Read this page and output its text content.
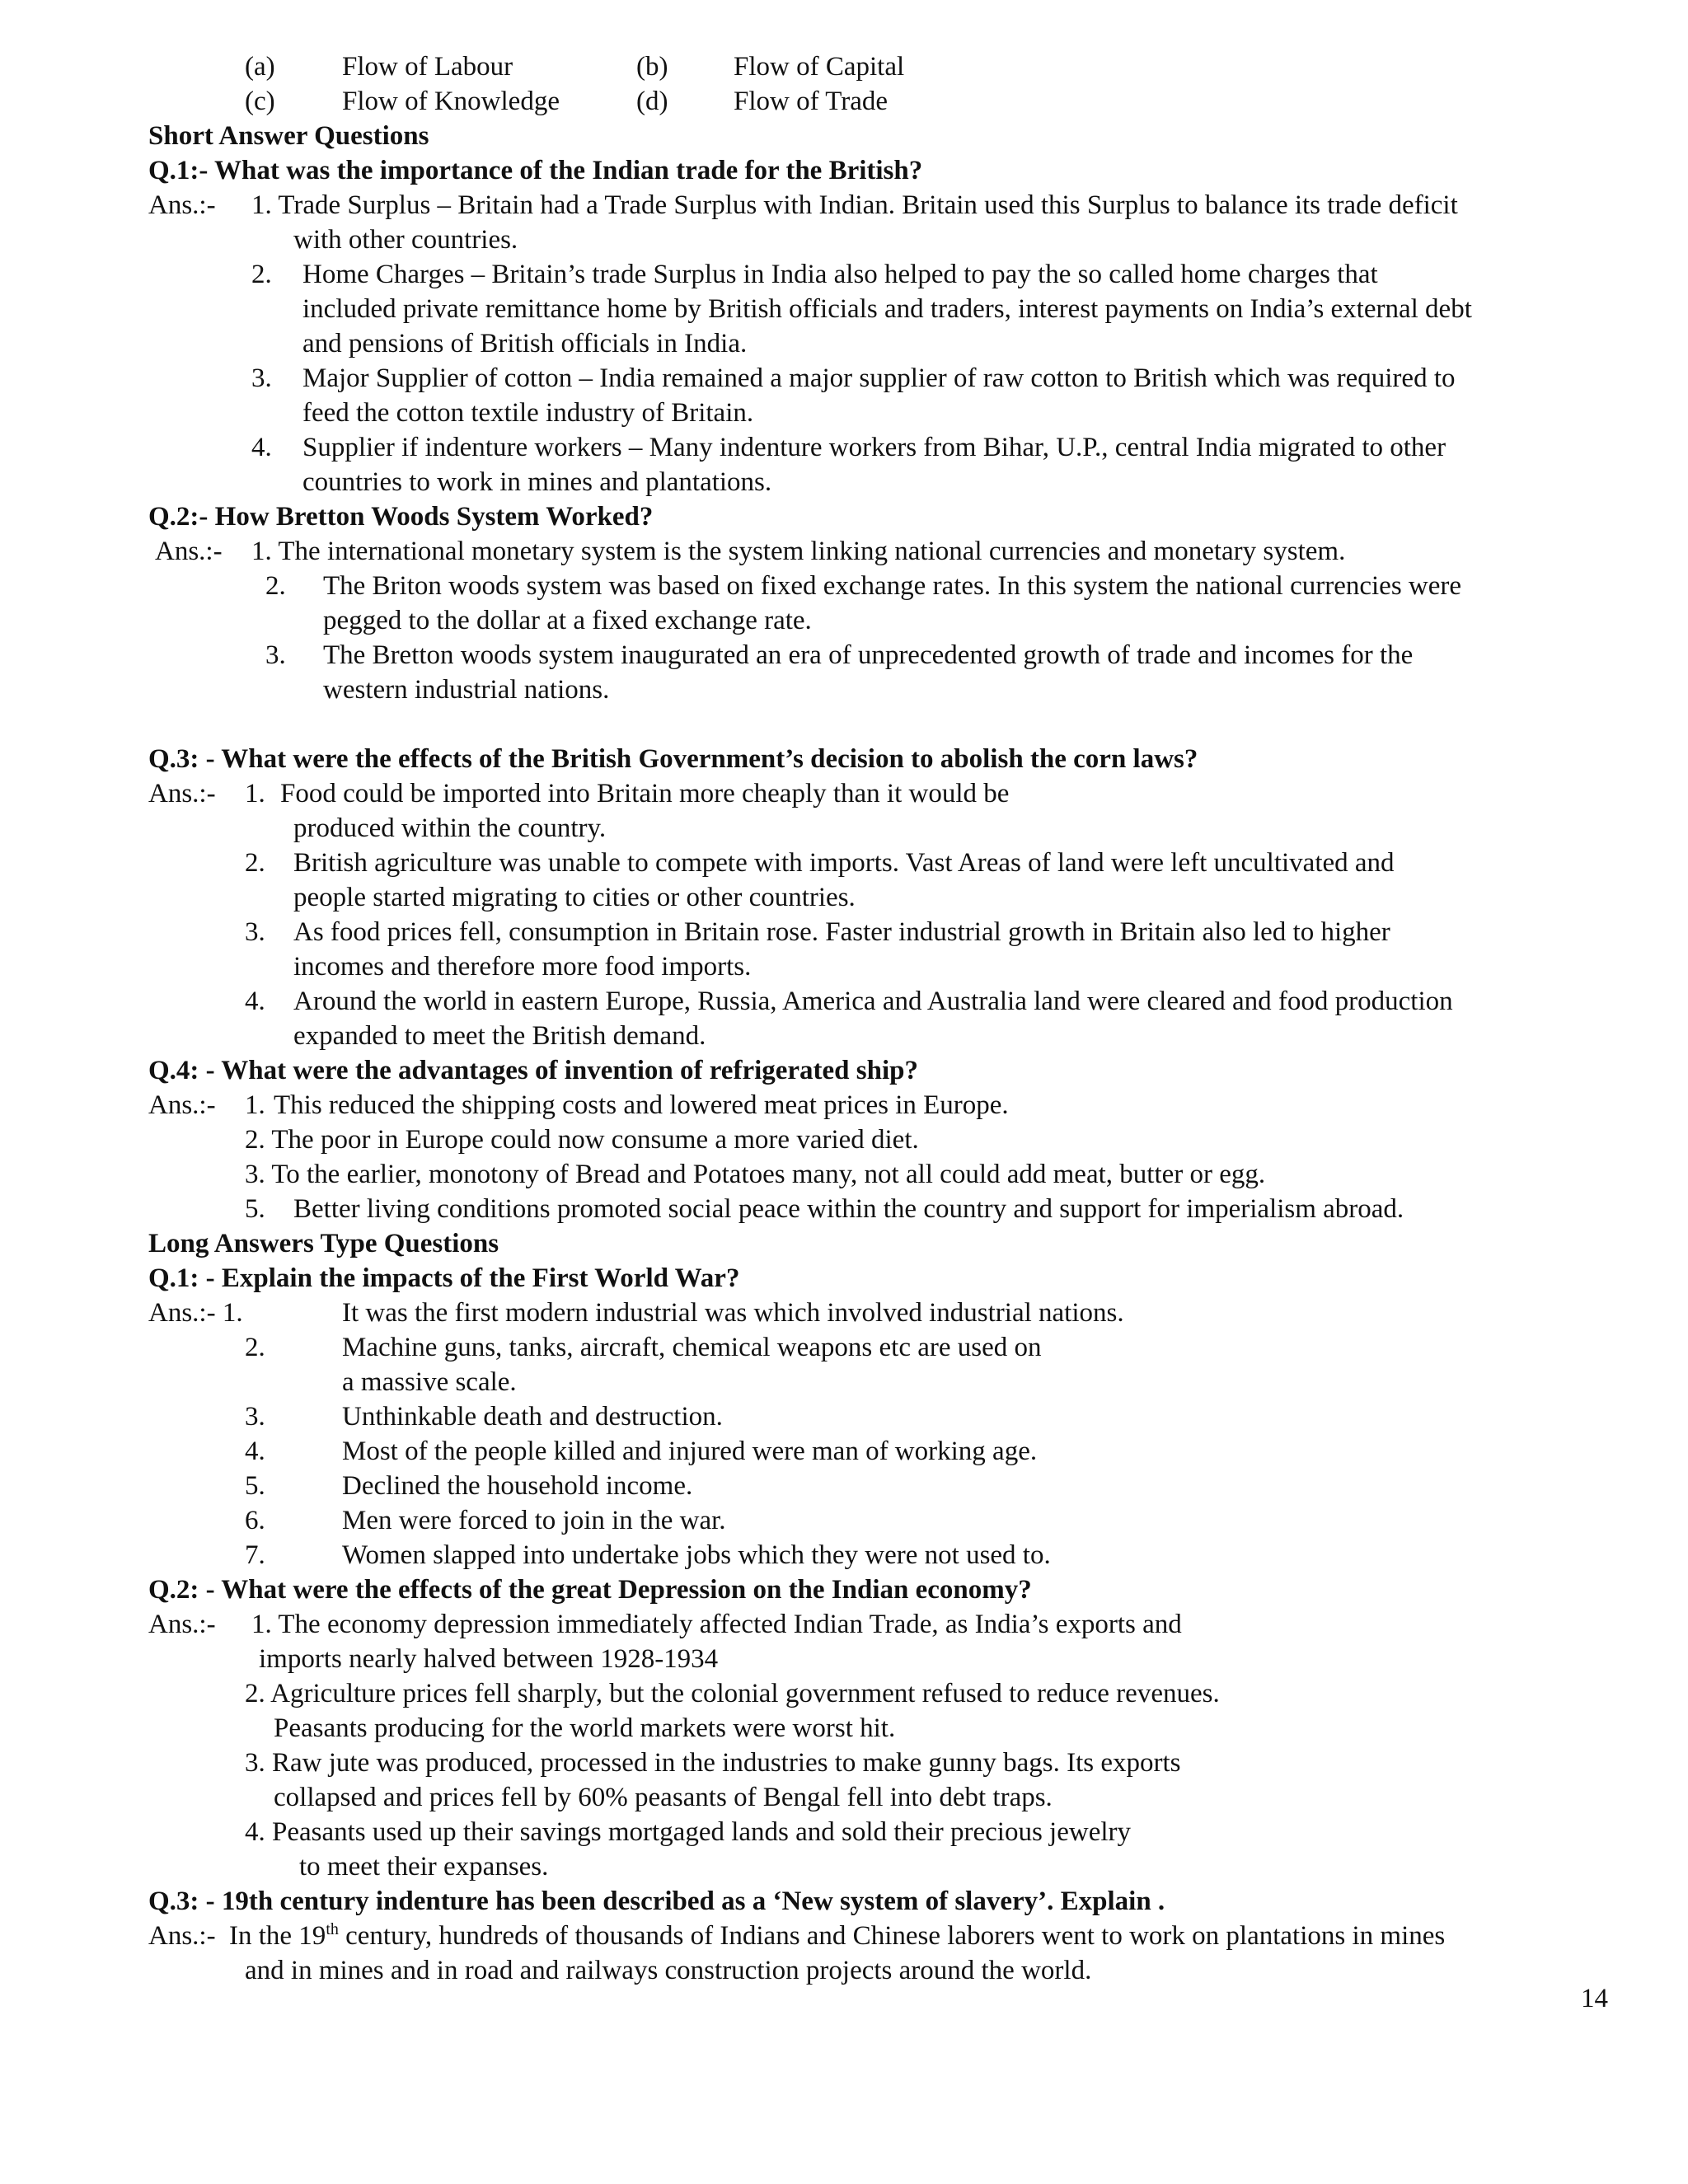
(a) Flow of Labour	(b) Flow of Capital
(c) Flow of Knowledge	(d) Flow of Trade
Short Answer Questions
Q.1:- What was the importance of the Indian trade for the British?
Ans.:- 1. Trade Surplus – Britain had a Trade Surplus with Indian. Britain used this Surplus to balance its trade deficit
with other countries.
2. Home Charges – Britain’s trade Surplus in India also helped to pay the so called home charges that
included private remittance home by British officials and traders, interest payments on India’s external debt
and pensions of British officials in India.
3. Major Supplier of cotton – India remained a major supplier of raw cotton to British which was required to
feed the cotton textile industry of Britain.
4. Supplier if indenture workers – Many indenture workers from Bihar, U.P., central India migrated to other
countries to work in mines and plantations.
Q.2:- How Bretton Woods System Worked?
Ans.:- 1. The international monetary system is the system linking national currencies and monetary system.
2. The Briton woods system was based on fixed exchange rates. In this system the national currencies were
pegged to the dollar at a fixed exchange rate.
3. The Bretton woods system inaugurated an era of unprecedented growth of trade and incomes for the
western industrial nations.
Q.3: - What were the effects of the British Government’s decision to abolish the corn laws?
Ans.:- 1. Food could be imported into Britain more cheaply than it would be
produced within the country.
2. British agriculture was unable to compete with imports. Vast Areas of land were left uncultivated and
people started migrating to cities or other countries.
3. As food prices fell, consumption in Britain rose. Faster industrial growth in Britain also led to higher
incomes and therefore more food imports.
4. Around the world in eastern Europe, Russia, America and Australia land were cleared and food production
expanded to meet the British demand.
Q.4: - What were the advantages of invention of refrigerated ship?
Ans.:- 1. This reduced the shipping costs and lowered meat prices in Europe.
2. The poor in Europe could now consume a more varied diet.
3. To the earlier, monotony of Bread and Potatoes many, not all could add meat, butter or egg.
5. Better living conditions promoted social peace within the country and support for imperialism abroad.
Long Answers Type Questions
Q.1: - Explain the impacts of the First World War?
Ans.:- 1.	It was the first modern industrial was which involved industrial nations.
2.	Machine guns, tanks, aircraft, chemical weapons etc are used on
a massive scale.
3.	Unthinkable death and destruction.
4.	Most of the people killed and injured were man of working age.
5.	Declined the household income.
6.	Men were forced to join in the war.
7.	Women slapped into undertake jobs which they were not used to.
Q.2: - What were the effects of the great Depression on the Indian economy?
Ans.:- 1. The economy depression immediately affected Indian Trade, as India’s exports and
imports nearly halved between 1928-1934
2. Agriculture prices fell sharply, but the colonial government refused to reduce revenues.
Peasants producing for the world markets were worst hit.
3. Raw jute was produced, processed in the industries to make gunny bags. Its exports
collapsed and prices fell by 60% peasants of Bengal fell into debt traps.
4. Peasants used up their savings mortgaged lands and sold their precious jewelry
to meet their expanses.
Q.3: - 19th century indenture has been described as a ‘New system of slavery’. Explain .
Ans.:- In the 19th century, hundreds of thousands of Indians and Chinese laborers went to work on plantations in mines
and in mines and in road and railways construction projects around the world.
14
